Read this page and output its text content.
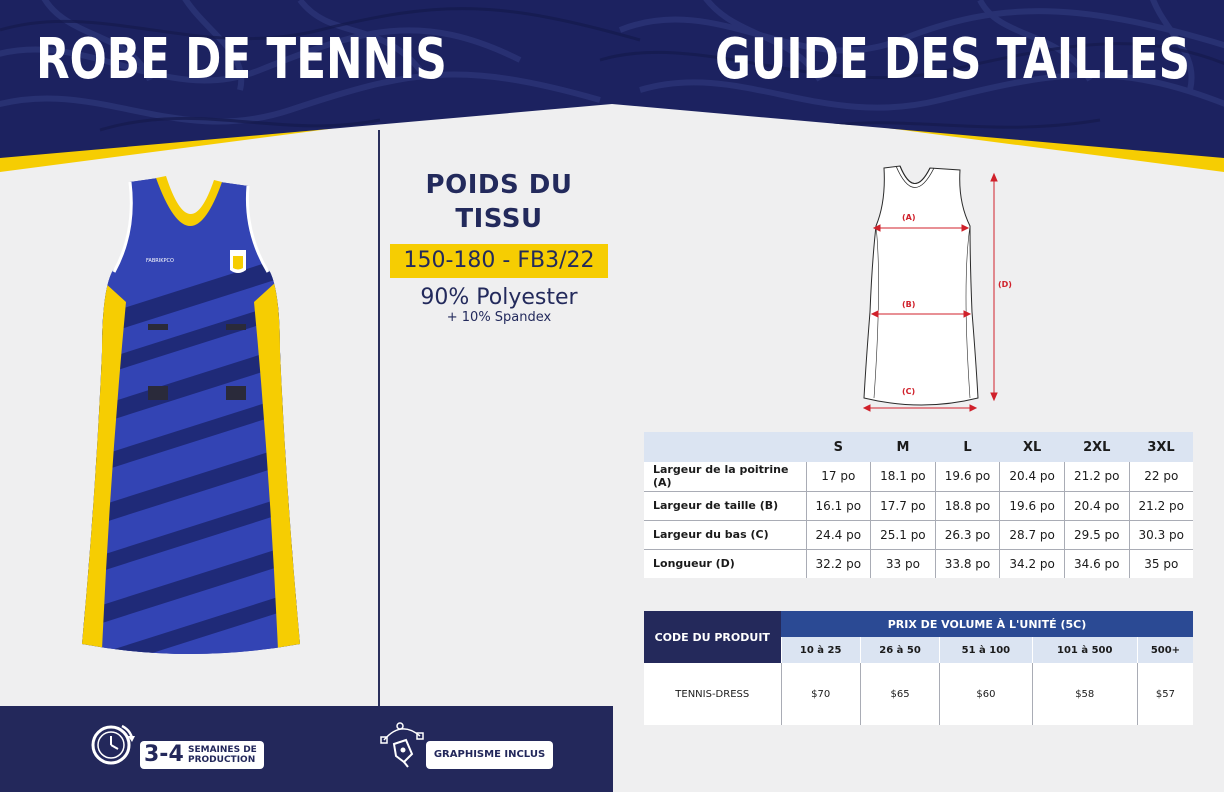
ROBE DE TENNIS	GUIDE DES TAILLES
FABRIKPCO
POIDS DU TISSU
150-180 - FB3/22
90% Polyester
+ 10% Spandex
(A)
(B)
(C)
(D)
	S	M	L	XL	2XL	3XL
Largeur de la poitrine (A)	17 po	18.1 po	19.6 po	20.4 po	21.2 po	22 po
Largeur de taille (B)	16.1 po	17.7 po	18.8 po	19.6 po	20.4 po	21.2 po
Largeur du bas (C)	24.4 po	25.1 po	26.3 po	28.7 po	29.5 po	30.3 po
Longueur (D)	32.2 po	33 po	33.8 po	34.2 po	34.6 po	35 po
CODE DU PRODUIT	PRIX DE VOLUME À L'UNITÉ (5C)				
	10 à 25	26 à 50	51 à 100	101 à 500	500+
TENNIS-DRESS	$70	$65	$60	$58	$57
3-4 SEMAINES DE
PRODUCTION	GRAPHISME INCLUS
